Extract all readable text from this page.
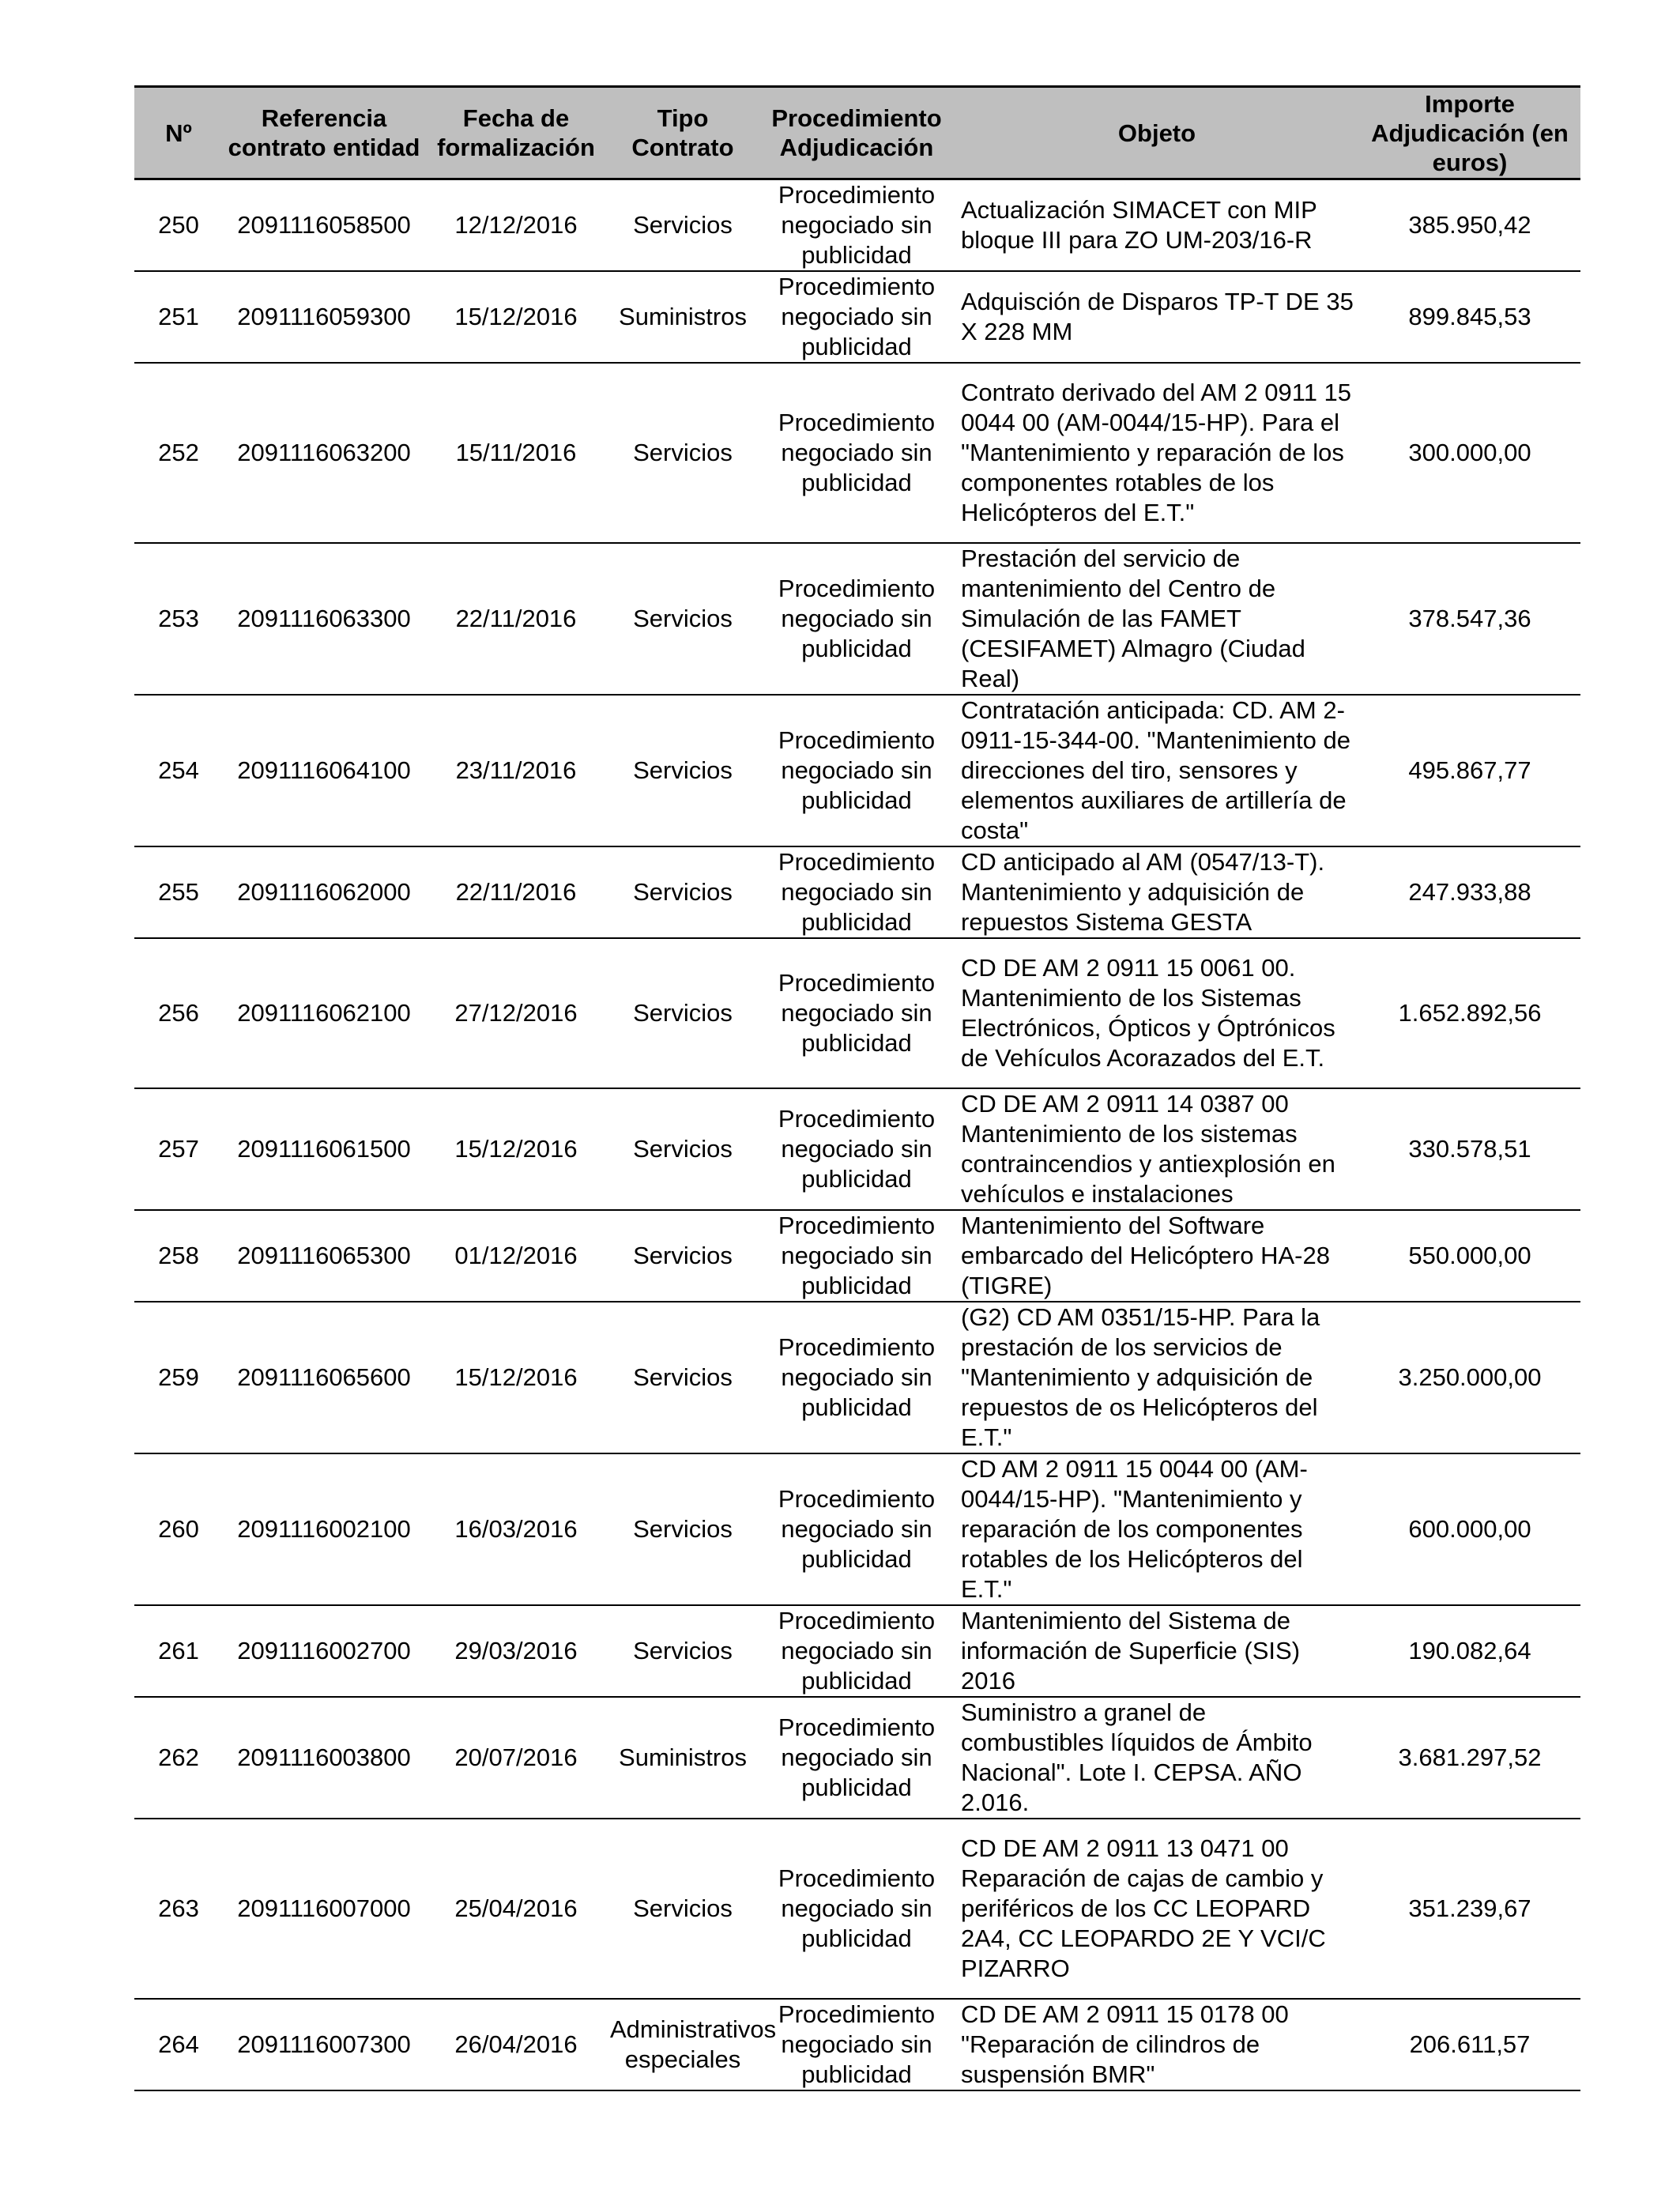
Nº	Referencia contrato entidad	Fecha de formalización	Tipo Contrato	Procedimiento Adjudicación	Objeto	Importe Adjudicación (en euros)
250	2091116058500	12/12/2016	Servicios	Procedimiento negociado sin publicidad	Actualización SIMACET con MIP bloque III para ZO UM-203/16-R	385.950,42
251	2091116059300	15/12/2016	Suministros	Procedimiento negociado sin publicidad	Adquisción de Disparos TP-T DE 35 X 228 MM	899.845,53
252	2091116063200	15/11/2016	Servicios	Procedimiento negociado sin publicidad	Contrato derivado del AM 2 0911 15 0044 00 (AM-0044/15-HP). Para el "Mantenimiento y reparación de los componentes rotables de los Helicópteros del E.T."	300.000,00
253	2091116063300	22/11/2016	Servicios	Procedimiento negociado sin publicidad	Prestación del servicio de mantenimiento del Centro de Simulación de las FAMET (CESIFAMET) Almagro (Ciudad Real)	378.547,36
254	2091116064100	23/11/2016	Servicios	Procedimiento negociado sin publicidad	Contratación anticipada: CD. AM 2-0911-15-344-00. "Mantenimiento de direcciones del tiro, sensores y elementos auxiliares de artillería de costa"	495.867,77
255	2091116062000	22/11/2016	Servicios	Procedimiento negociado sin publicidad	CD anticipado al AM (0547/13-T). Mantenimiento y adquisición de repuestos Sistema GESTA	247.933,88
256	2091116062100	27/12/2016	Servicios	Procedimiento negociado sin publicidad	CD DE AM 2 0911 15 0061 00. Mantenimiento de los Sistemas Electrónicos, Ópticos y Óptrónicos de Vehículos Acorazados del E.T.	1.652.892,56
257	2091116061500	15/12/2016	Servicios	Procedimiento negociado sin publicidad	CD DE AM 2 0911 14 0387 00 Mantenimiento de los sistemas contraincendios y antiexplosión en vehículos e instalaciones	330.578,51
258	2091116065300	01/12/2016	Servicios	Procedimiento negociado sin publicidad	Mantenimiento del Software embarcado del Helicóptero HA-28 (TIGRE)	550.000,00
259	2091116065600	15/12/2016	Servicios	Procedimiento negociado sin publicidad	(G2) CD AM 0351/15-HP. Para la prestación de los servicios de "Mantenimiento y adquisición de repuestos de os Helicópteros del E.T."	3.250.000,00
260	2091116002100	16/03/2016	Servicios	Procedimiento negociado sin publicidad	CD AM 2 0911 15 0044 00 (AM-0044/15-HP). "Mantenimiento y reparación de los componentes rotables de los Helicópteros del E.T."	600.000,00
261	2091116002700	29/03/2016	Servicios	Procedimiento negociado sin publicidad	Mantenimiento del Sistema de información de Superficie (SIS) 2016	190.082,64
262	2091116003800	20/07/2016	Suministros	Procedimiento negociado sin publicidad	Suministro a granel de combustibles líquidos de Ámbito Nacional". Lote I. CEPSA. AÑO 2.016.	3.681.297,52
263	2091116007000	25/04/2016	Servicios	Procedimiento negociado sin publicidad	CD DE AM 2 0911 13 0471 00 Reparación de cajas de cambio y periféricos de los CC LEOPARD 2A4, CC LEOPARDO 2E Y VCI/C PIZARRO	351.239,67
264	2091116007300	26/04/2016	Administrativos especiales	Procedimiento negociado sin publicidad	CD DE AM 2 0911 15 0178 00 "Reparación de cilindros de suspensión BMR"	206.611,57
